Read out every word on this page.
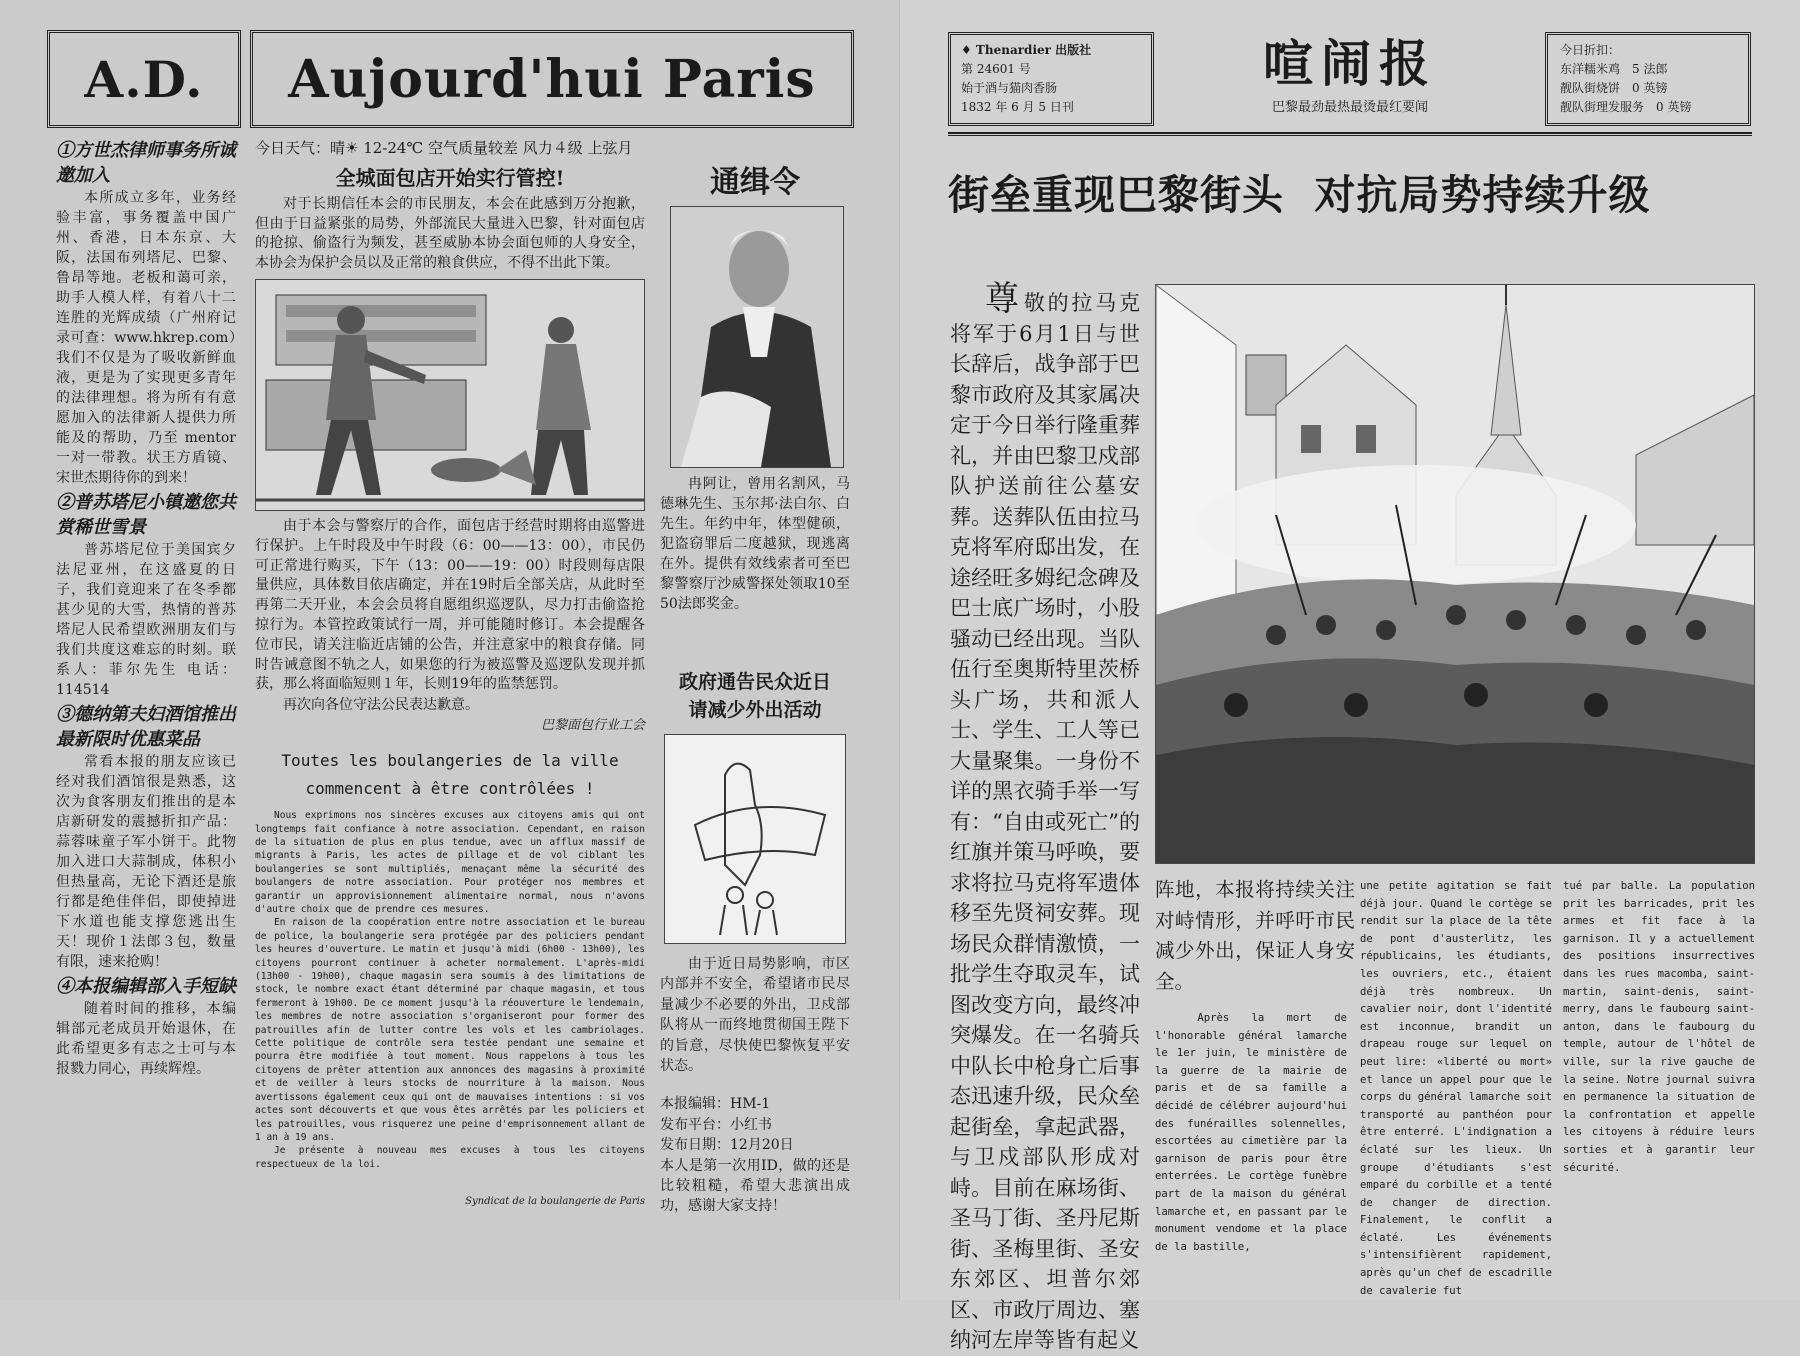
A.D. Aujourd'hui Paris
①方世杰律师事务所诚邀加入

本所成立多年，业务经验丰富，事务覆盖中国广州、香港，日本东京、大阪，法国布列塔尼、巴黎、鲁昂等地。老板和蔼可亲，助手人模人样，有着八十二连胜的光辉成绩（广州府记录可查：www.hkrep.com）我们不仅是为了吸收新鲜血液，更是为了实现更多青年的法律理想。将为所有有意愿加入的法律新人提供力所能及的帮助，乃至 mentor 一对一带教。状王方盾镜、宋世杰期待你的到来！

②普苏塔尼小镇邀您共赏稀世雪景

普苏塔尼位于美国宾夕法尼亚州，在这盛夏的日子，我们竟迎来了在冬季都甚少见的大雪，热情的普苏塔尼人民希望欧洲朋友们与我们共度这难忘的时刻。联系人：菲尔先生 电话：114514

③德纳第夫妇酒馆推出最新限时优惠菜品

常看本报的朋友应该已经对我们酒馆很是熟悉，这次为食客朋友们推出的是本店新研发的震撼折扣产品：蒜蓉味童子军小饼干。此物加入进口大蒜制成，体积小但热量高，无论下酒还是旅行都是绝佳伴侣，即使掉进下水道也能支撑您逃出生天！现价１法郎３包，数量有限，速来抢购！

④本报编辑部入手短缺

随着时间的推移，本编辑部元老成员开始退休，在此希望更多有志之士可与本报戮力同心，再续辉煌。

今日天气：晴☀ 12-24℃ 空气质量较差 风力４级 上弦月
全城面包店开始实行管控!

对于长期信任本会的市民朋友，本会在此感到万分抱歉，但由于日益紧张的局势，外部流民大量进入巴黎，针对面包店的抢掠、偷盗行为频发，甚至威胁本协会面包师的人身安全，本协会为保护会员以及正常的粮食供应，不得不出此下策。

由于本会与警察厅的合作，面包店于经营时期将由巡警进行保护。上午时段及中午时段（6：00——13：00），市民仍可正常进行购买，下午（13：00——19：00）时段则每店限量供应，具体数目依店确定，并在19时后全部关店，从此时至再第二天开业，本会会员将自愿组织巡逻队，尽力打击偷盗抢掠行为。本管控政策试行一周，并可能随时修订。本会提醒各位市民，请关注临近店铺的公告，并注意家中的粮食存储。同时告诫意图不轨之人，如果您的行为被巡警及巡逻队发现并抓获，那么将面临短则１年，长则19年的监禁惩罚。

再次向各位守法公民表达歉意。

巴黎面包行业工会
Toutes les boulangeries de la ville
commencent à être contrôlées !

Nous exprimons nos sincères excuses aux citoyens amis qui ont longtemps fait confiance à notre association. Cependant, en raison de la situation de plus en plus tendue, avec un afflux massif de migrants à Paris, les actes de pillage et de vol ciblant les boulangeries se sont multipliés, menaçant même la sécurité des boulangers de notre association. Pour protéger nos membres et garantir un approvisionnement alimentaire normal, nous n'avons d'autre choix que de prendre ces mesures.

En raison de la coopération entre notre association et le bureau de police, la boulangerie sera protégée par des policiers pendant les heures d'ouverture. Le matin et jusqu'à midi (6h00 - 13h00), les citoyens pourront continuer à acheter normalement. L'après-midi (13h00 - 19h00), chaque magasin sera soumis à des limitations de stock, le nombre exact étant déterminé par chaque magasin, et tous fermeront à 19h00. De ce moment jusqu'à la réouverture le lendemain, les membres de notre association s'organiseront pour former des patrouilles afin de lutter contre les vols et les cambriolages. Cette politique de contrôle sera testée pendant une semaine et pourra être modifiée à tout moment. Nous rappelons à tous les citoyens de prêter attention aux annonces des magasins à proximité et de veiller à leurs stocks de nourriture à la maison. Nous avertissons également ceux qui ont de mauvaises intentions : si vos actes sont découverts et que vous êtes arrêtés par les policiers et les patrouilles, vous risquerez une peine d'emprisonnement allant de 1 an à 19 ans.

Je présente à nouveau mes excuses à tous les citoyens respectueux de la loi.

Syndicat de la boulangerie de Paris
通缉令

冉阿让，曾用名割风，马德琳先生、玉尔邦·法白尔、白先生。年约中年，体型健硕，犯盗窃罪后二度越狱，现逃离在外。提供有效线索者可至巴黎警察厅沙威警探处领取10至50法郎奖金。

政府通告民众近日
请减少外出活动

由于近日局势影响，市区内部并不安全，希望诸市民尽量减少不必要的外出，卫戍部队将从一而终地贯彻国王陛下的旨意，尽快使巴黎恢复平安状态。

本报编辑：HM-1
发布平台：小红书
发布日期：12月20日

本人是第一次用ID，做的还是比较粗糙，希望大悲演出成功，感谢大家支持！

♦ Thenardier 出版社
第 24601 号
始于酒与猫肉香肠
1832 年 6 月 5 日刊
喧闹报
巴黎最劲最热最烫最红要闻
今日折扣：
东洋糯米鸡　5 法郎
靓队街烧饼　0 英镑
靓队街理发服务　0 英镑
街垒重现巴黎街头  对抗局势持续升级
尊敬的拉马克将军于6月1日与世长辞后，战争部于巴黎市政府及其家属决定于今日举行隆重葬礼，并由巴黎卫戍部队护送前往公墓安葬。送葬队伍由拉马克将军府邸出发，在途经旺多姆纪念碑及巴士底广场时，小股骚动已经出现。当队伍行至奥斯特里茨桥头广场，共和派人士、学生、工人等已大量聚集。一身份不详的黑衣骑手举一写有：“自由或死亡”的红旗并策马呼唤，要求将拉马克将军遗体移至先贤祠安葬。现场民众群情激愤，一批学生夺取灵车，试图改变方向，最终冲突爆发。在一名骑兵中队长中枪身亡后事态迅速升级，民众垒起街垒，拿起武器，与卫戍部队形成对峙。目前在麻场街、圣马丁街、圣丹尼斯街、圣梅里街、圣安东郊区、坦普尔郊区、市政厅周边、塞纳河左岸等皆有起义
阵地，本报将持续关注对峙情形，并呼吁市民减少外出，保证人身安全。
Après la mort de l'honorable général lamarche le 1er juin, le ministère de la guerre de la mairie de paris et de sa famille a décidé de célébrer aujourd'hui des funérailles solennelles, escortées au cimetière par la garnison de paris pour être enterrées. Le cortège funèbre part de la maison du général lamarche et, en passant par le monument vendome et la place de la bastille,
une petite agitation se fait déjà jour. Quand le cortège se rendit sur la place de la tête de pont d'austerlitz, les républicains, les étudiants, les ouvriers, etc., étaient déjà très nombreux. Un cavalier noir, dont l'identité est inconnue, brandit un drapeau rouge sur lequel on peut lire: «liberté ou mort» et lance un appel pour que le corps du général lamarche soit transporté au panthéon pour être enterré. L'indignation a éclaté sur les lieux. Un groupe d'étudiants s'est emparé du corbille et a tenté de changer de direction. Finalement, le conflit a éclaté. Les événements s'intensifièrent rapidement, après qu'un chef de escadrille de cavalerie fut
tué par balle. La population prit les barricades, prit les armes et fit face à la garnison. Il y a actuellement des positions insurrectives dans les rues macomba, saint-martin, saint-denis, saint-merry, dans le faubourg saint-anton, dans le faubourg du temple, autour de l'hôtel de ville, sur la rive gauche de la seine. Notre journal suivra en permanence la situation de la confrontation et appelle les citoyens à réduire leurs sorties et à garantir leur sécurité.
